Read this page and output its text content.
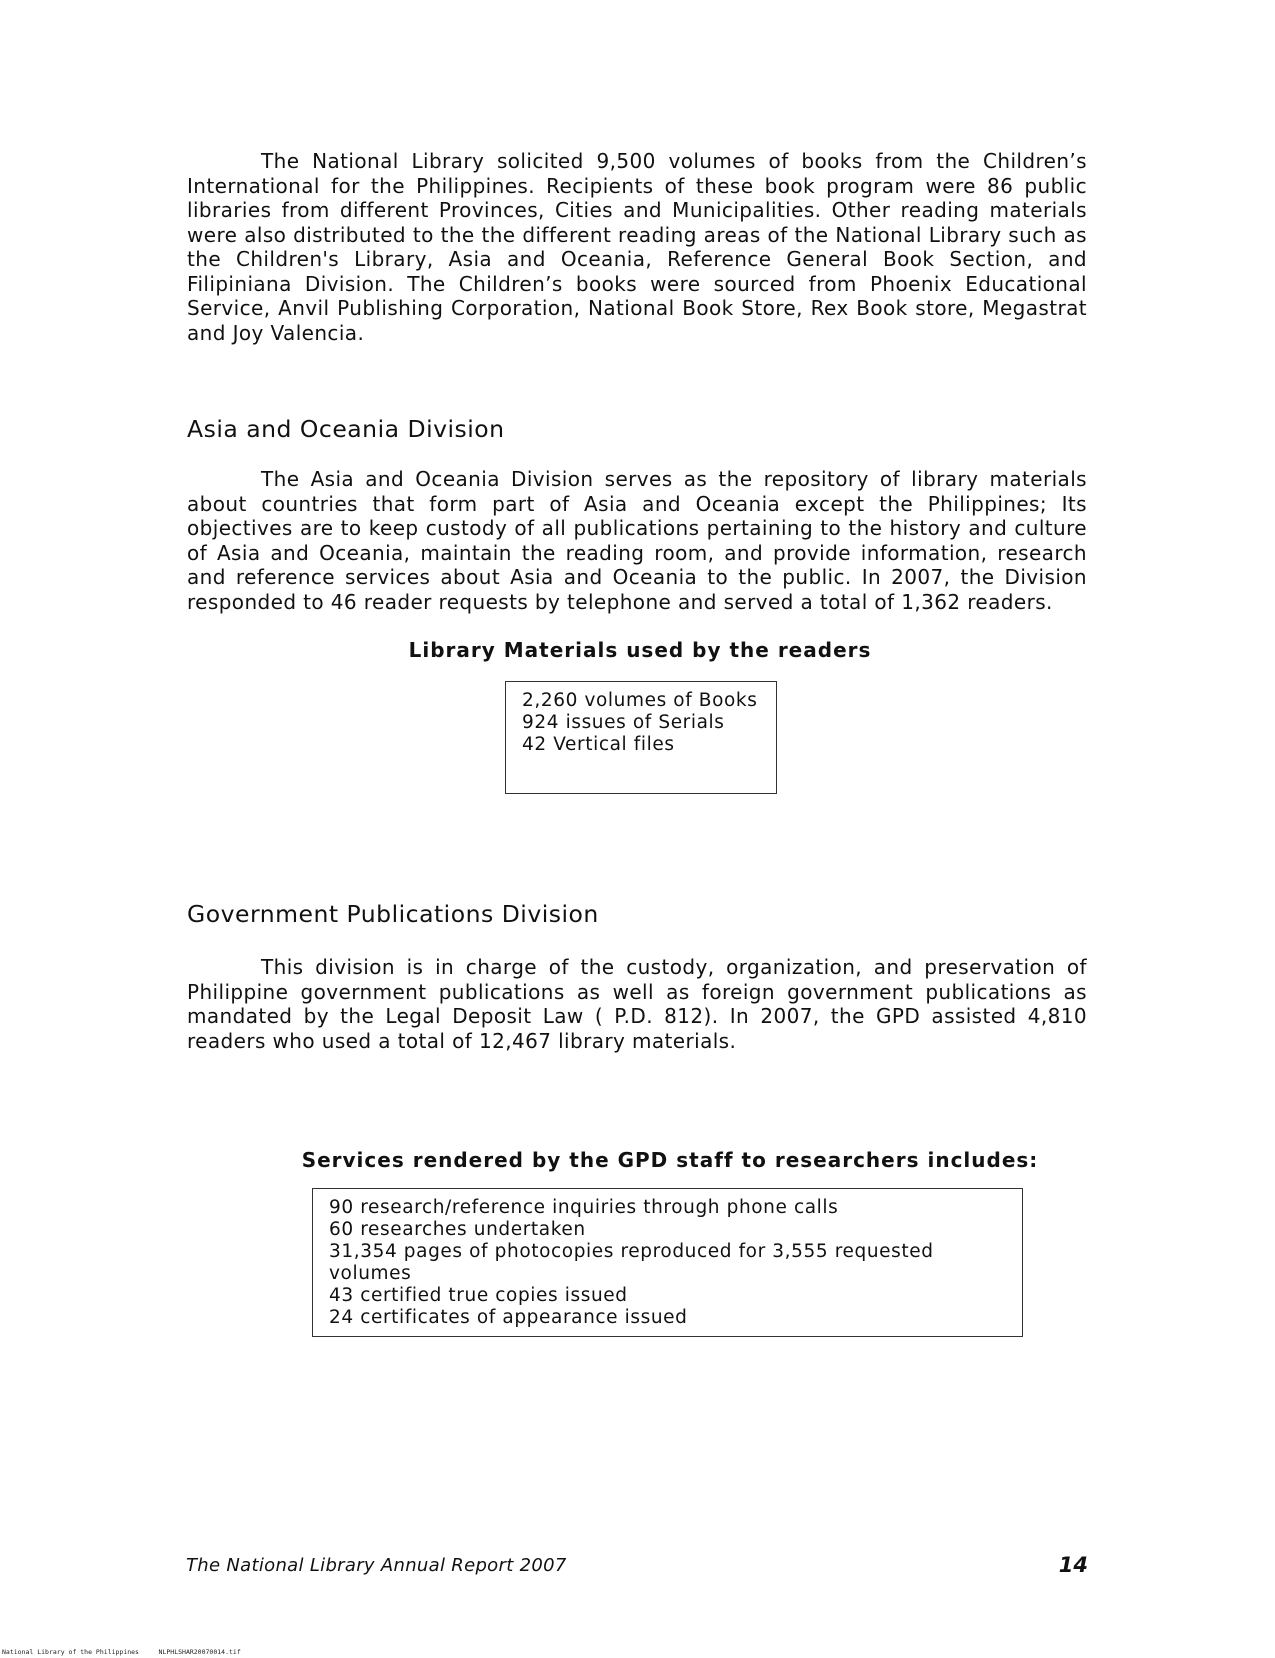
The National Library solicited 9,500 volumes of books from the Children’s International for the Philippines. Recipients of these book program were 86 public libraries from different Provinces, Cities and Municipalities. Other reading materials were also distributed to the the different reading areas of the National Library such as the Children's Library, Asia and Oceania, Reference General Book Section, and Filipiniana Division. The Children’s books were sourced from Phoenix Educational Service, Anvil Publishing Corporation, National Book Store, Rex Book store, Megastrat and Joy Valencia.

Asia and Oceania Division

The Asia and Oceania Division serves as the repository of library materials about countries that form part of Asia and Oceania except the Philippines; Its objectives are to keep custody of all publications pertaining to the history and culture of Asia and Oceania, maintain the reading room, and provide information, research and reference services about Asia and Oceania to the public. In 2007, the Division responded to 46 reader requests by telephone and served a total of 1,362 readers.

Library Materials used by the readers
2,260 volumes of Books
924 issues of Serials
42 Vertical files
Government Publications Division

This division is in charge of the custody, organization, and preservation of Philippine government publications as well as foreign government publications as mandated by the Legal Deposit Law ( P.D. 812). In 2007, the GPD assisted 4,810 readers who used a total of 12,467 library materials.

Services rendered by the GPD staff to researchers includes:
90 research/reference inquiries through phone calls
60 researches undertaken
31,354 pages of photocopies reproduced for 3,555 requested volumes
43 certified true copies issued
24 certificates of appearance issued
The National Library Annual Report 2007	14
National Library of the Philippines	NLPHLSHAR20070014.tif
